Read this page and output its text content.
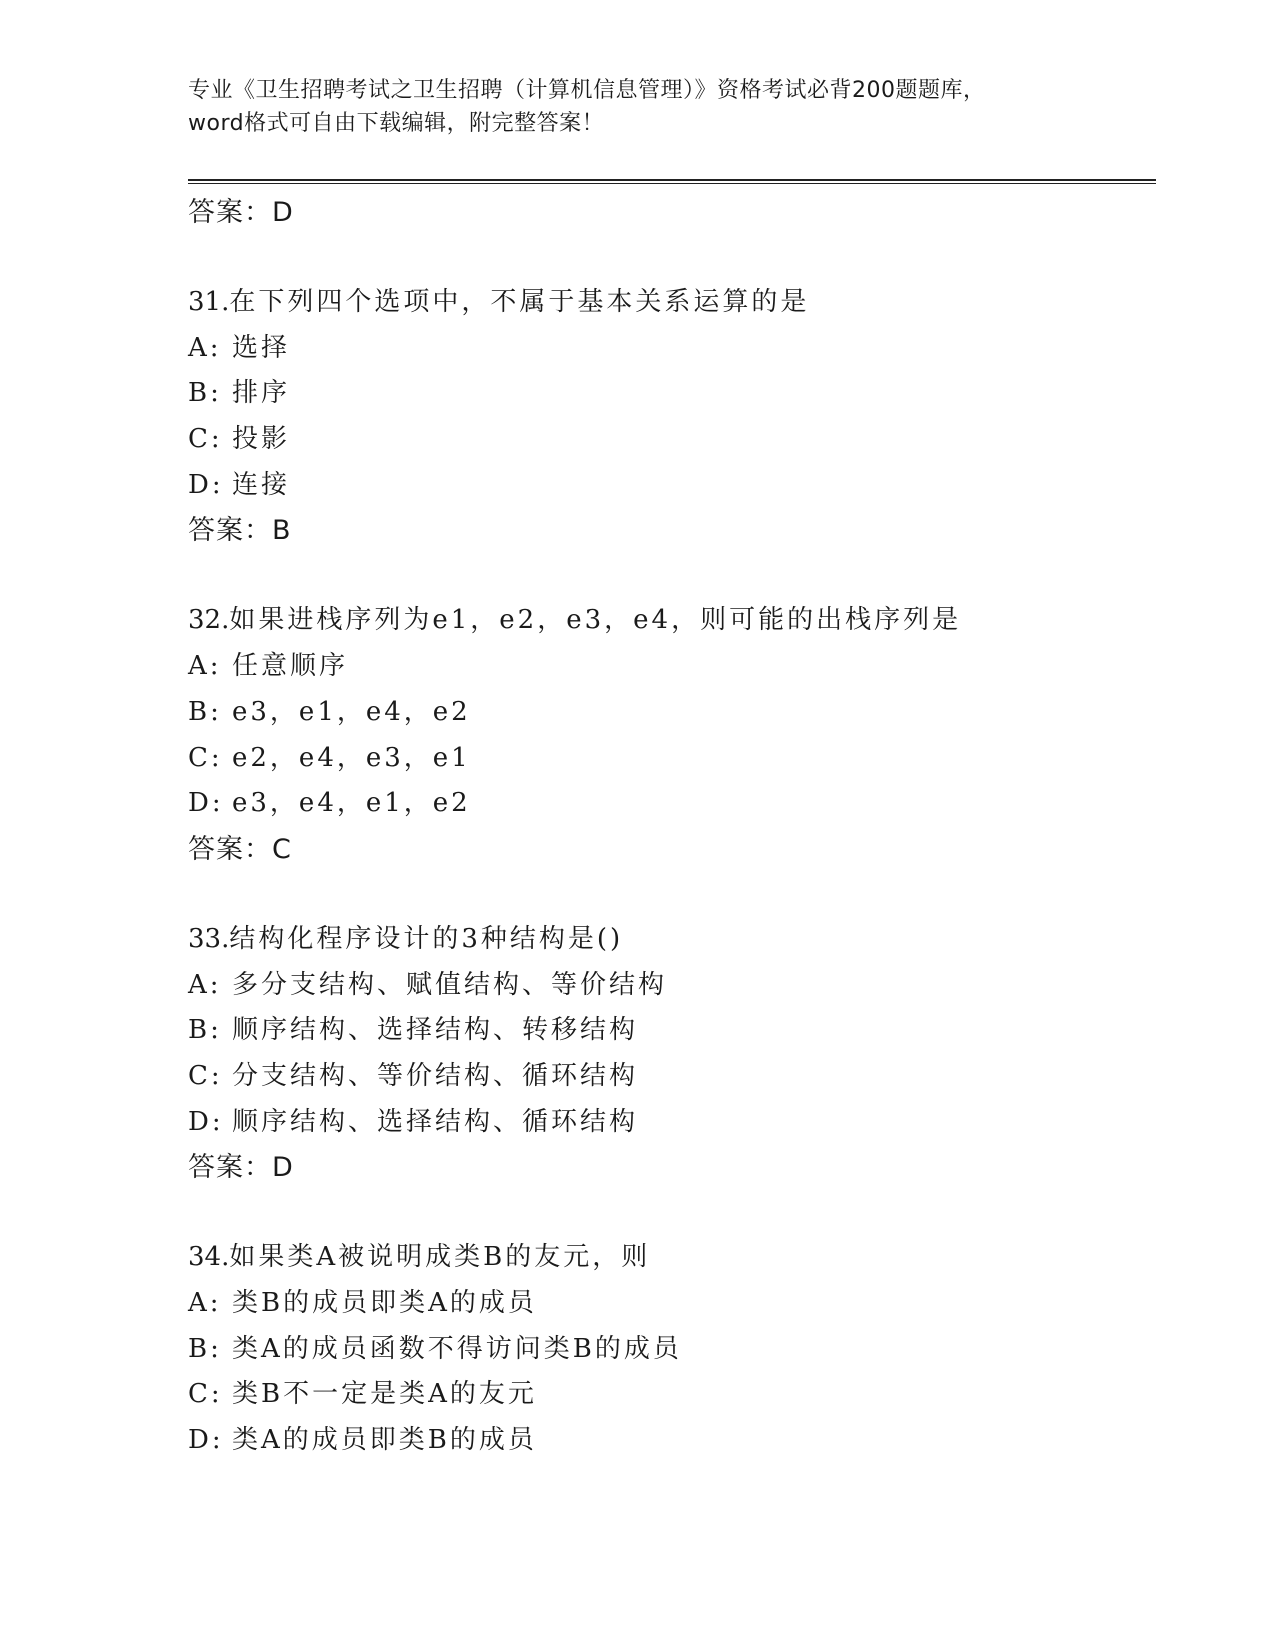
专业《卫生招聘考试之卫生招聘（计算机信息管理）》资格考试必背200题题库，
word格式可自由下载编辑，附完整答案！
答案：D
31.在下列四个选项中，不属于基本关系运算的是
A: 选择
B: 排序
C: 投影
D: 连接
答案：B
32.如果进栈序列为e1，e2，e3，e4，则可能的出栈序列是
A: 任意顺序
B: e3，e1，e4，e2
C: e2，e4，e3，e1
D: e3，e4，e1，e2
答案：C
33.结构化程序设计的3种结构是()
A: 多分支结构、赋值结构、等价结构
B: 顺序结构、选择结构、转移结构
C: 分支结构、等价结构、循环结构
D: 顺序结构、选择结构、循环结构
答案：D
34.如果类A被说明成类B的友元，则
A: 类B的成员即类A的成员
B: 类A的成员函数不得访问类B的成员
C: 类B不一定是类A的友元
D: 类A的成员即类B的成员
